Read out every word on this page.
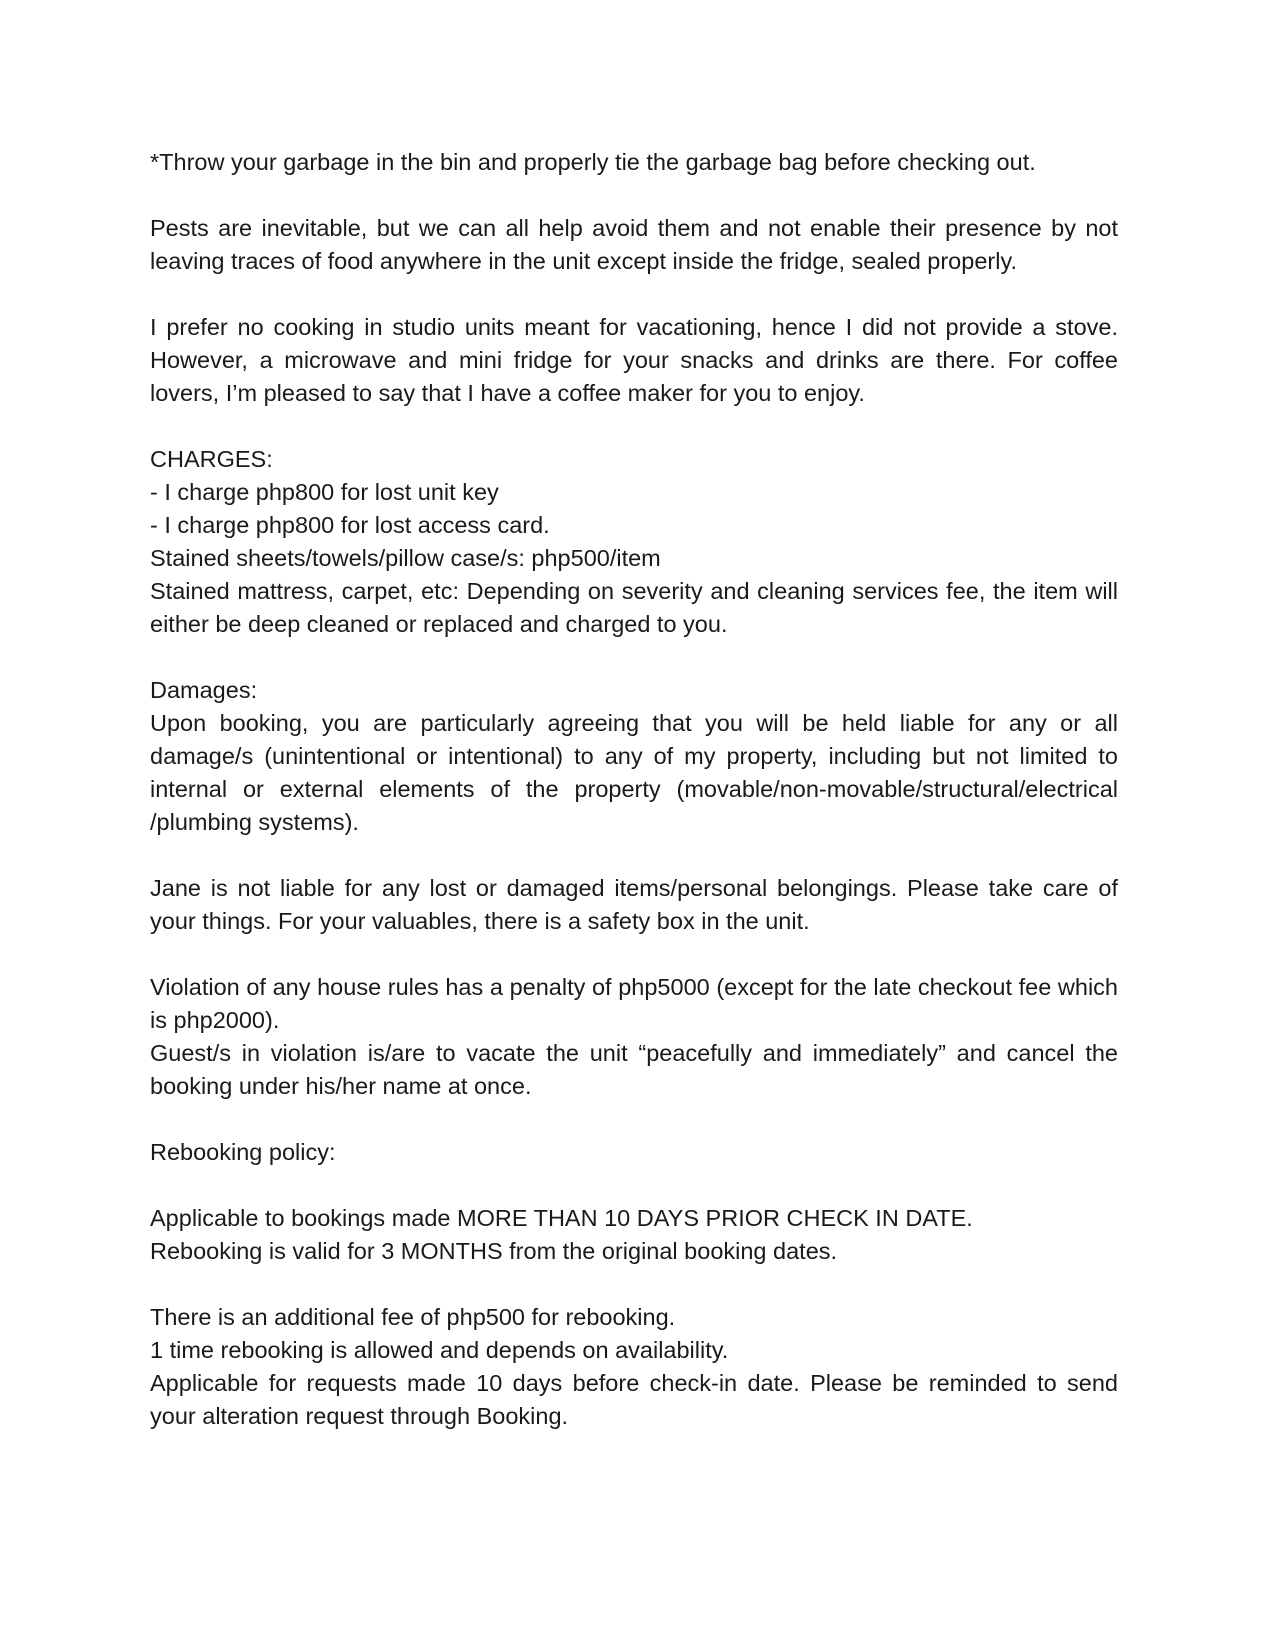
*Throw your garbage in the bin and properly tie the garbage bag before checking out.

Pests are inevitable, but we can all help avoid them and not enable their presence by not leaving traces of food anywhere in the unit except inside the fridge, sealed properly.

I prefer no cooking in studio units meant for vacationing, hence I did not provide a stove. However, a microwave and mini fridge for your snacks and drinks are there. For coffee lovers, I’m pleased to say that I have a coffee maker for you to enjoy.

CHARGES:
- I charge php800 for lost unit key
- I charge php800 for lost access card.
Stained sheets/towels/pillow case/s: php500/item
Stained mattress, carpet, etc: Depending on severity and cleaning services fee, the item will either be deep cleaned or replaced and charged to you.
Damages:
Upon booking, you are particularly agreeing that you will be held liable for any or all damage/s (unintentional or intentional) to any of my property, including but not limited to internal or external elements of the property (movable/non-movable/structural/electrical /plumbing systems).

Jane is not liable for any lost or damaged items/personal belongings. Please take care of your things. For your valuables, there is a safety box in the unit.

Violation of any house rules has a penalty of php5000 (except for the late checkout fee which is php2000).
Guest/s in violation is/are to vacate the unit “peacefully and immediately” and cancel the booking under his/her name at once.

Rebooking policy:

Applicable to bookings made MORE THAN 10 DAYS PRIOR CHECK IN DATE.
Rebooking is valid for 3 MONTHS from the original booking dates.
There is an additional fee of php500 for rebooking.
1 time rebooking is allowed and depends on availability.
Applicable for requests made 10 days before check-in date. Please be reminded to send your alteration request through Booking.
